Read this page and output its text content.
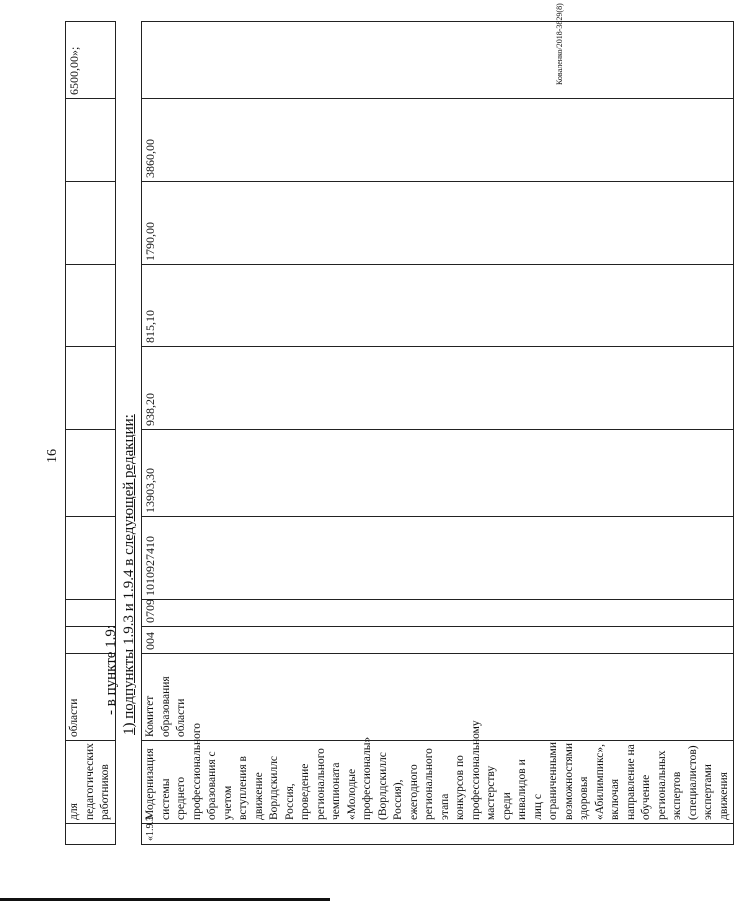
16
	для педагогических работников	области									6500,00»;
- в пункте 1.9: 1) подпункты 1.9.3 и 1.9.4 в следующей редакции:
«1.9.3	Модернизация системы среднего профессионального образования с учетом вступления в движение Ворлдскиллс Россия, проведение регионального чемпионата «Молодые профессионалы» (Ворлдскиллс Россия), ежегодного регионального этапа конкурсов по профессиональному мастерству среди инвалидов и лиц с ограниченными возможностями здоровья «Абилимпикс», включая направление на обучение региональных экспертов (специалистов) экспертами движения	Комитет образования области	004	0709	1010927410	13903,30	938,20	815,10	1790,00	3860,00	
Коваленко/2018-3829(8)
